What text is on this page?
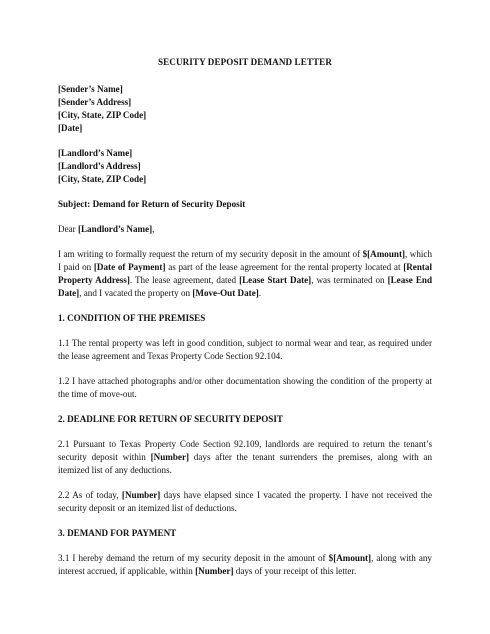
SECURITY DEPOSIT DEMAND LETTER
[Sender’s Name]
[Sender’s Address]
[City, State, ZIP Code]
[Date]
[Landlord’s Name]
[Landlord’s Address]
[City, State, ZIP Code]
Subject: Demand for Return of Security Deposit
Dear [Landlord’s Name],
I am writing to formally request the return of my security deposit in the amount of $[Amount], which I paid on [Date of Payment] as part of the lease agreement for the rental property located at [Rental Property Address]. The lease agreement, dated [Lease Start Date], was terminated on [Lease End Date], and I vacated the property on [Move-Out Date].
1. CONDITION OF THE PREMISES
1.1 The rental property was left in good condition, subject to normal wear and tear, as required under the lease agreement and Texas Property Code Section 92.104.
1.2 I have attached photographs and/or other documentation showing the condition of the property at the time of move-out.
2. DEADLINE FOR RETURN OF SECURITY DEPOSIT
2.1 Pursuant to Texas Property Code Section 92.109, landlords are required to return the tenant’s security deposit within [Number] days after the tenant surrenders the premises, along with an itemized list of any deductions.
2.2 As of today, [Number] days have elapsed since I vacated the property. I have not received the security deposit or an itemized list of deductions.
3. DEMAND FOR PAYMENT
3.1 I hereby demand the return of my security deposit in the amount of $[Amount], along with any interest accrued, if applicable, within [Number] days of your receipt of this letter.
